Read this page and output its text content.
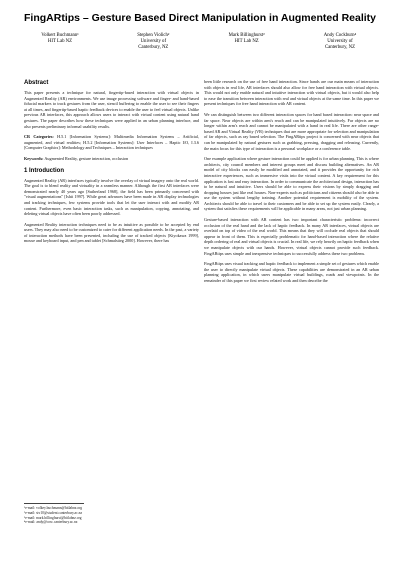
FingARtips – Gesture Based Direct Manipulation in Augmented Reality
Volkert Buchmann¹
HIT Lab NZ
Stephen Violich²
University of
Canterbury, NZ
Mark Billinghurst³
HIT Lab NZ
Andy Cockburn⁴
University of
Canterbury, NZ
Abstract

This paper presents a technique for natural, fingertip-based interaction with virtual objects in Augmented Reality (AR) environments. We use image processing software and finger- and hand-based fiducial markers to track gestures from the user, stencil buffering to enable the user to see their fingers at all times, and fingertip-based haptic feedback devices to enable the user to feel virtual objects. Unlike previous AR interfaces, this approach allows users to interact with virtual content using natural hand gestures. The paper describes how these techniques were applied in an urban planning interface, and also presents preliminary informal usability results.

CR Categories: H.5.1 [Information Systems]: Multimedia Information Systems – Artificial, augmented, and virtual realities; H.5.2 [Information Systems]: User Interfaces – Haptic I/O, I.3.6 [Computer Graphics]: Methodology and Techniques – Interaction techniques

Keywords: Augmented Reality, gesture interaction, occlusion

1 Introduction

Augmented Reality (AR) interfaces typically involve the overlay of virtual imagery onto the real world. The goal is to blend reality and virtuality in a seamless manner. Although the first AR interfaces were demonstrated nearly 40 years ago [Sutherland 1968], the field has been primarily concerned with "visual augmentations" [Ishii 1997]. While great advances have been made in AR display technologies and tracking techniques, few systems provide tools that let the user interact with and modify AR content. Furthermore, even basic interaction tasks, such as manipulation, copying, annotating, and deleting virtual objects have often been poorly addressed.

Augmented Reality interaction techniques need to be as intuitive as possible to be accepted by end users. They may also need to be customized to cater for different application needs. In the past, a variety of interaction methods have been presented, including the use of tracked objects [Kiyokawa 1999], mouse and keyboard input, and pen and tablet [Schmalstieg 2000]. However, there has

¹e-mail: volkey.buchmann@hitlabnz.org
²e-mail: stv10@student.canterbury.ac.nz
³e-mail: mark.billinghurst@hitlabnz.org
⁴e-mail: andy@cosc.canterbury.ac.nz

been little research on the use of free hand interaction. Since hands are our main means of interaction with objects in real life, AR interfaces should also allow for free hand interaction with virtual objects. This would not only enable natural and intuitive interaction with virtual objects, but it would also help to ease the transition between interaction with real and virtual objects at the same time. In this paper we present techniques for free hand interaction with AR content.

We can distinguish between two different interaction spaces for hand based interaction: near space and far space. Near objects are within arm's reach and can be manipulated intuitively. Far objects are no longer within arm's reach and cannot be manipulated with a hand in real life. There are other range-based AR and Virtual Reality (VR) techniques that are more appropriate for selection and manipulation of far objects, such as ray based selection. The FingARtips project is concerned with near objects that can be manipulated by natural gestures such as grabbing, pressing, dragging and releasing. Currently, the main focus for this type of interaction is a personal workplace or a conference table.

One example application where gesture interaction could be applied is for urban planning. This is where architects, city council members and interest groups meet and discuss building alternatives. An AR model of city blocks can easily be modified and annotated, and it provides the opportunity for rich interactive experiences, such as immersive visits into the virtual content. A key requirement for this application is fast and easy interaction. In order to communicate the architectural design, interaction has to be natural and intuitive. Users should be able to express their visions by simply dragging and dropping houses just like real houses. Non-experts such as politicians and citizens should also be able to use the system without lengthy training. Another potential requirement is mobility of the system. Architects should be able to travel to their customers and be able to set up the system easily. Clearly, a system that satisfies these requirements will be applicable in many areas, not just urban planning.

Gesture-based interaction with AR content has two important characteristic problems: incorrect occlusion of the real hand and the lack of haptic feedback. In many AR interfaces, virtual objects are overlaid on top of video of the real world. This means that they will occlude real objects that should appear in front of them. This is especially problematic for hand-based interaction where the relative depth ordering of real and virtual objects is crucial. In real life, we rely heavily on haptic feedback when we manipulate objects with our hands. However, virtual objects cannot provide such feedback. FingARtips uses simple and inexpensive techniques to successfully address these two problems.

FingARtips uses visual tracking and haptic feedback to implement a simple set of gestures which enable the user to directly manipulate virtual objects. These capabilities are demonstrated in an AR urban planning application, in which users manipulate virtual buildings, roads and viewpoints. In the remainder of this paper we first review related work and then describe the
